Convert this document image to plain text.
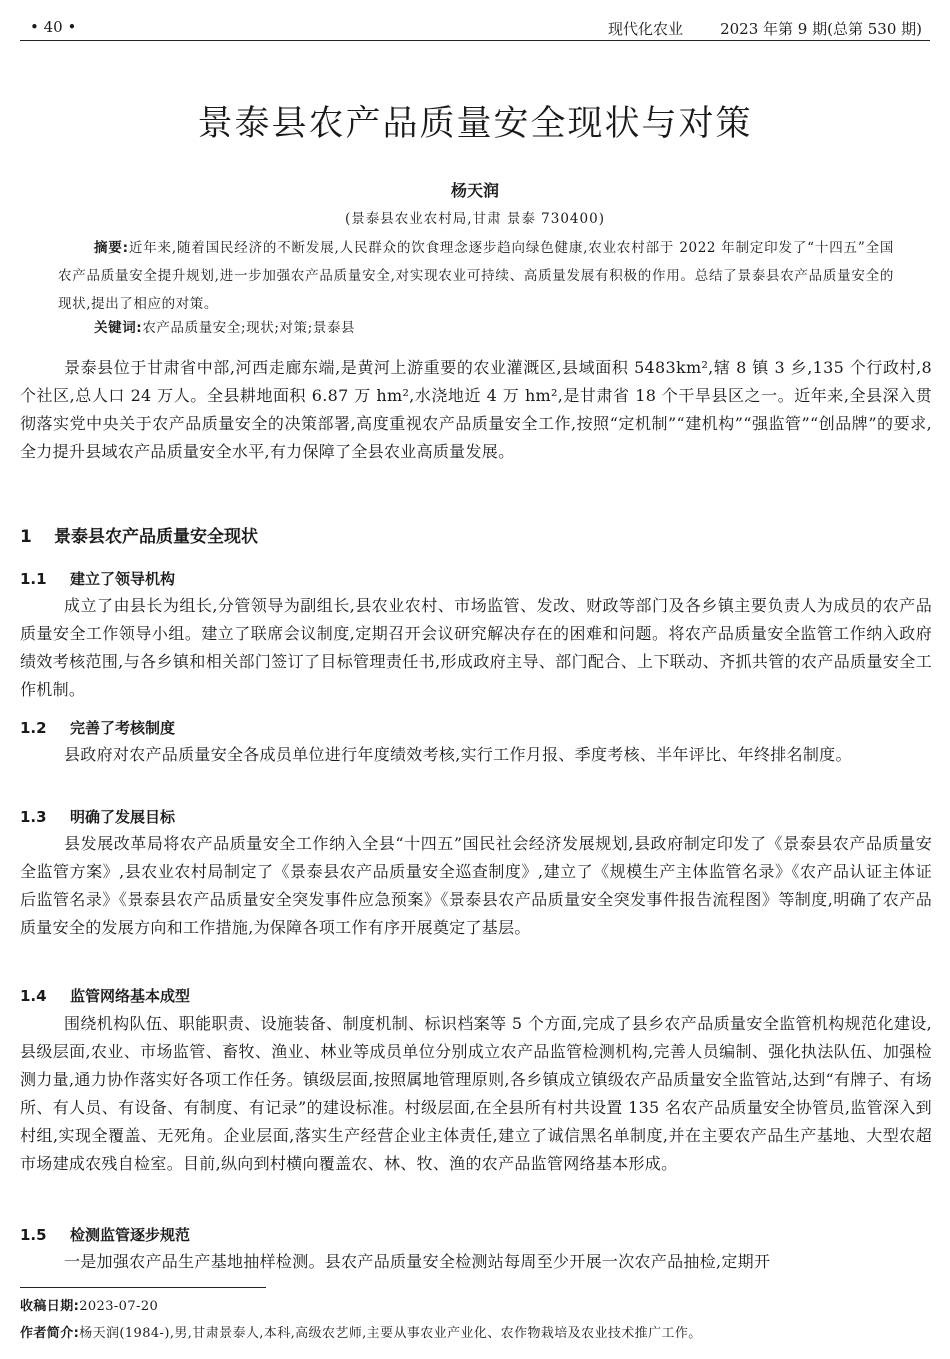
• 40 •	现代化农业 2023 年第 9 期(总第 530 期)
景泰县农产品质量安全现状与对策
杨天润
(景泰县农业农村局,甘肃 景泰 730400)
摘要:近年来,随着国民经济的不断发展,人民群众的饮食理念逐步趋向绿色健康,农业农村部于 2022 年制定印发了“十四五”全国农产品质量安全提升规划,进一步加强农产品质量安全,对实现农业可持续、高质量发展有积极的作用。总结了景泰县农产品质量安全的现状,提出了相应的对策。
关键词:农产品质量安全;现状;对策;景泰县
景泰县位于甘肃省中部,河西走廊东端,是黄河上游重要的农业灌溉区,县域面积 5483km²,辖 8 镇 3 乡,135 个行政村,8 个社区,总人口 24 万人。全县耕地面积 6.87 万 hm²,水浇地近 4 万 hm²,是甘肃省 18 个干旱县区之一。近年来,全县深入贯彻落实党中央关于农产品质量安全的决策部署,高度重视农产品质量安全工作,按照“定机制”“建机构”“强监管”“创品牌”的要求,全力提升县域农产品质量安全水平,有力保障了全县农业高质量发展。
1 景泰县农产品质量安全现状
1.1 建立了领导机构
成立了由县长为组长,分管领导为副组长,县农业农村、市场监管、发改、财政等部门及各乡镇主要负责人为成员的农产品质量安全工作领导小组。建立了联席会议制度,定期召开会议研究解决存在的困难和问题。将农产品质量安全监管工作纳入政府绩效考核范围,与各乡镇和相关部门签订了目标管理责任书,形成政府主导、部门配合、上下联动、齐抓共管的农产品质量安全工作机制。
1.2 完善了考核制度
县政府对农产品质量安全各成员单位进行年度绩效考核,实行工作月报、季度考核、半年评比、年终排名制度。
1.3 明确了发展目标
县发展改革局将农产品质量安全工作纳入全县“十四五”国民社会经济发展规划,县政府制定印发了《景泰县农产品质量安全监管方案》,县农业农村局制定了《景泰县农产品质量安全巡查制度》,建立了《规模生产主体监管名录》《农产品认证主体证后监管名录》《景泰县农产品质量安全突发事件应急预案》《景泰县农产品质量安全突发事件报告流程图》等制度,明确了农产品质量安全的发展方向和工作措施,为保障各项工作有序开展奠定了基层。
1.4 监管网络基本成型
围绕机构队伍、职能职责、设施装备、制度机制、标识档案等 5 个方面,完成了县乡农产品质量安全监管机构规范化建设,县级层面,农业、市场监管、畜牧、渔业、林业等成员单位分别成立农产品监管检测机构,完善人员编制、强化执法队伍、加强检测力量,通力协作落实好各项工作任务。镇级层面,按照属地管理原则,各乡镇成立镇级农产品质量安全监管站,达到“有牌子、有场所、有人员、有设备、有制度、有记录”的建设标准。村级层面,在全县所有村共设置 135 名农产品质量安全协管员,监管深入到村组,实现全覆盖、无死角。企业层面,落实生产经营企业主体责任,建立了诚信黑名单制度,并在主要农产品生产基地、大型农超市场建成农残自检室。目前,纵向到村横向覆盖农、林、牧、渔的农产品监管网络基本形成。
1.5 检测监管逐步规范
一是加强农产品生产基地抽样检测。县农产品质量安全检测站每周至少开展一次农产品抽检,定期开
收稿日期:2023-07-20
作者简介:杨天润(1984-),男,甘肃景泰人,本科,高级农艺师,主要从事农业产业化、农作物栽培及农业技术推广工作。
